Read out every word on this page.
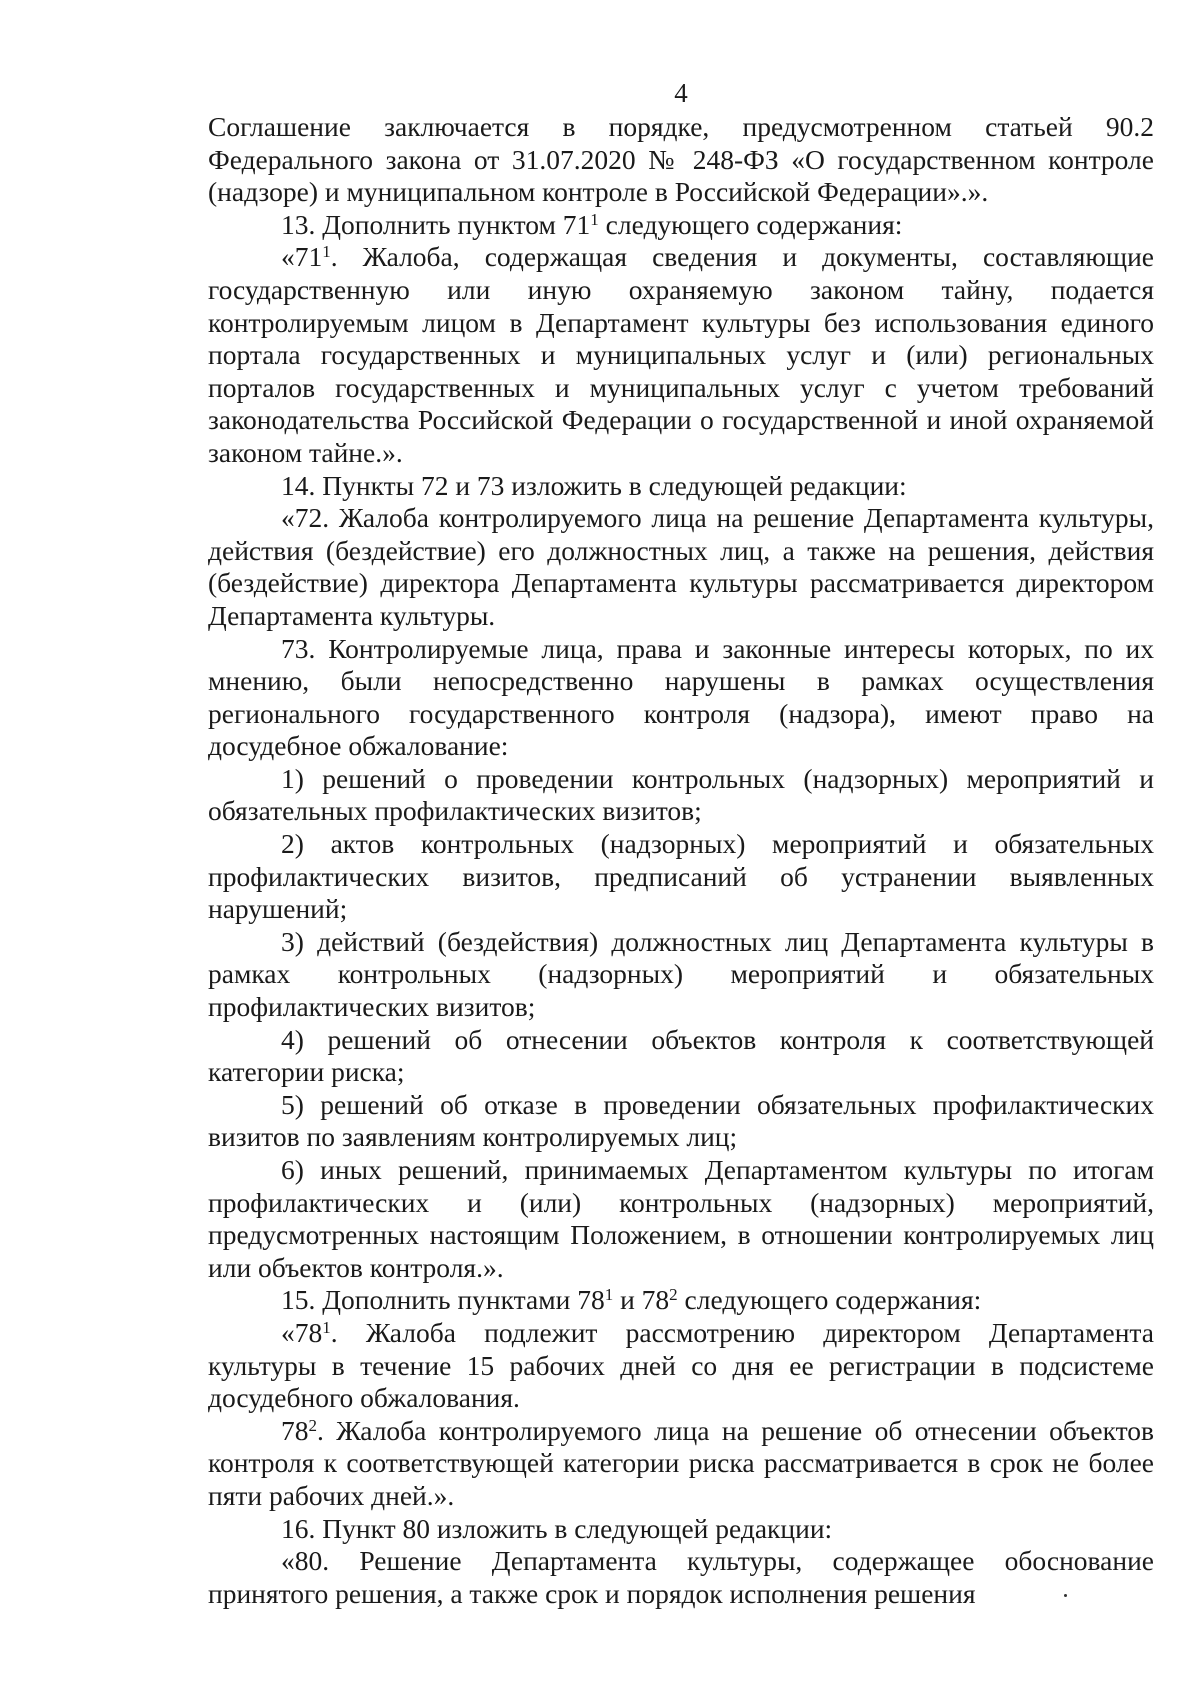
4

Соглашение заключается в порядке, предусмотренном статьей 90.2 Федерального закона от 31.07.2020 № 248-ФЗ «О государственном контроле (надзоре) и муниципальном контроле в Российской Федерации».».

13. Дополнить пунктом $71^1$ следующего содержания:

«$71^1$. Жалоба, содержащая сведения и документы, составляющие государственную или иную охраняемую законом тайну, подается контролируемым лицом в Департамент культуры без использования единого портала государственных и муниципальных услуг и (или) региональных порталов государственных и муниципальных услуг с учетом требований законодательства Российской Федерации о государственной и иной охраняемой законом тайне.».

14. Пункты 72 и 73 изложить в следующей редакции:

«72. Жалоба контролируемого лица на решение Департамента культуры, действия (бездействие) его должностных лиц, а также на решения, действия (бездействие) директора Департамента культуры рассматривается директором Департамента культуры.

73. Контролируемые лица, права и законные интересы которых, по их мнению, были непосредственно нарушены в рамках осуществления регионального государственного контроля (надзора), имеют право на досудебное обжалование:

1) решений о проведении контрольных (надзорных) мероприятий и обязательных профилактических визитов;

2) актов контрольных (надзорных) мероприятий и обязательных профилактических визитов, предписаний об устранении выявленных нарушений;

3) действий (бездействия) должностных лиц Департамента культуры в рамках контрольных (надзорных) мероприятий и обязательных профилактических визитов;

4) решений об отнесении объектов контроля к соответствующей категории риска;

5) решений об отказе в проведении обязательных профилактических визитов по заявлениям контролируемых лиц;

6) иных решений, принимаемых Департаментом культуры по итогам профилактических и (или) контрольных (надзорных) мероприятий, предусмотренных настоящим Положением, в отношении контролируемых лиц или объектов контроля.».

15. Дополнить пунктами $78^1$ и $78^2$ следующего содержания:

«$78^1$. Жалоба подлежит рассмотрению директором Департамента культуры в течение 15 рабочих дней со дня ее регистрации в подсистеме досудебного обжалования.

$78^2$. Жалоба контролируемого лица на решение об отнесении объектов контроля к соответствующей категории риска рассматривается в срок не более пяти рабочих дней.».

16. Пункт 80 изложить в следующей редакции:

«80. Решение Департамента культуры, содержащее обоснование принятого решения, а также срок и порядок исполнения решения
